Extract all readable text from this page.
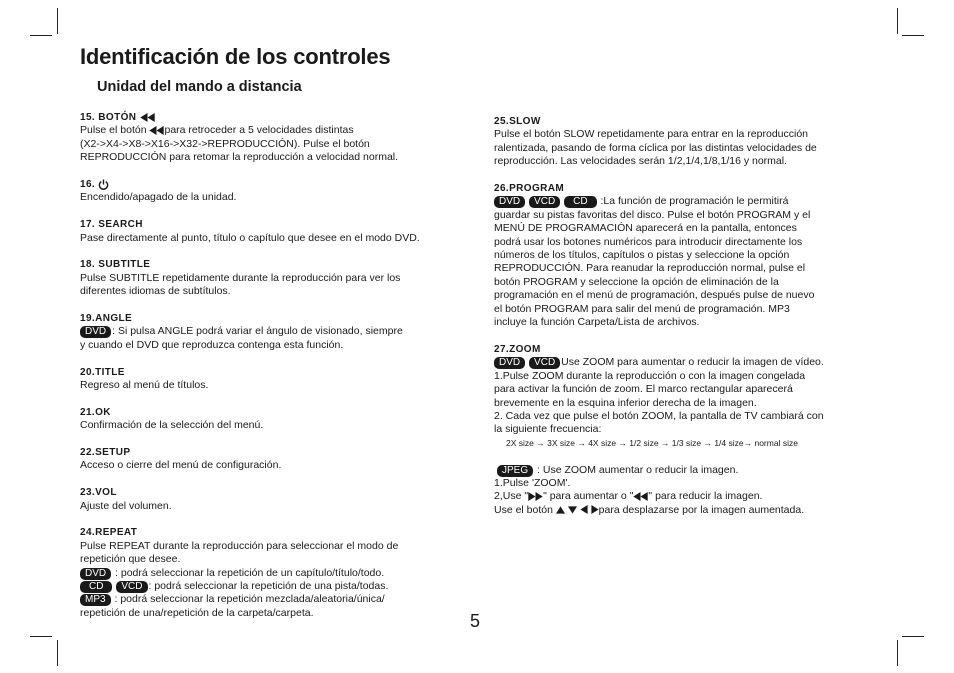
Identificación de los controles
Unidad del mando a distancia
15. BOTÓN
Pulse el botón para retroceder a 5 velocidades distintas
(X2->X4->X8->X16->X32->REPRODUCCIÓN). Pulse el botón
REPRODUCCIÓN para retomar la reproducción a velocidad normal.
16.
Encendido/apagado de la unidad.
17. SEARCH
Pase directamente al punto, título o capítulo que desee en el modo DVD.
18. SUBTITLE
Pulse SUBTITLE repetidamente durante la reproducción para ver los
diferentes idiomas de subtítulos.
19.ANGLE
DVD : Si pulsa ANGLE podrá variar el ángulo de visionado, siempre
y cuando el DVD que reproduzca contenga esta función.
20.TITLE
Regreso al menú de títulos.
21.OK
Confirmación de la selección del menú.
22.SETUP
Acceso o cierre del menú de configuración.
23.VOL
Ajuste del volumen.
24.REPEAT
Pulse REPEAT durante la reproducción para seleccionar el modo de
repetición que desee.
DVD : podrá seleccionar la repetición de un capítulo/título/todo.
CD VCD : podrá seleccionar la repetición de una pista/todas.
MP3 : podrá seleccionar la repetición mezclada/aleatoria/única/
repetición de una/repetición de la carpeta/carpeta.
25.SLOW
Pulse el botón SLOW repetidamente para entrar en la reproducción
ralentizada, pasando de forma cíclica por las distintas velocidades de
reproducción. Las velocidades serán 1/2,1/4,1/8,1/16 y normal.
26.PROGRAM
DVD VCD CD :La función de programación le permitirá
guardar su pistas favoritas del disco. Pulse el botón PROGRAM y el
MENÚ DE PROGRAMACIÓN aparecerá en la pantalla, entonces
podrá usar los botones numéricos para introducir directamente los
números de los títulos, capítulos o pistas y seleccione la opción
REPRODUCCIÓN. Para reanudar la reproducción normal, pulse el
botón PROGRAM y seleccione la opción de eliminación de la
programación en el menú de programación, después pulse de nuevo
el botón PROGRAM para salir del menú de programación. MP3
incluye la función Carpeta/Lista de archivos.
27.ZOOM
DVD VCD Use ZOOM para aumentar o reducir la imagen de vídeo.
1.Pulse ZOOM durante la reproducción o con la imagen congelada
para activar la función de zoom. El marco rectangular aparecerá
brevemente en la esquina inferior derecha de la imagen.
2. Cada vez que pulse el botón ZOOM, la pantalla de TV cambiará con
la siguiente frecuencia:
2X size → 3X size → 4X size → 1/2 size → 1/3 size → 1/4 size→ normal size

JPEG : Use ZOOM aumentar o reducir la imagen.
1.Pulse 'ZOOM'.
2,Use " " para aumentar o " " para reducir la imagen.
Use el botón	para desplazarse por la imagen aumentada.
5
